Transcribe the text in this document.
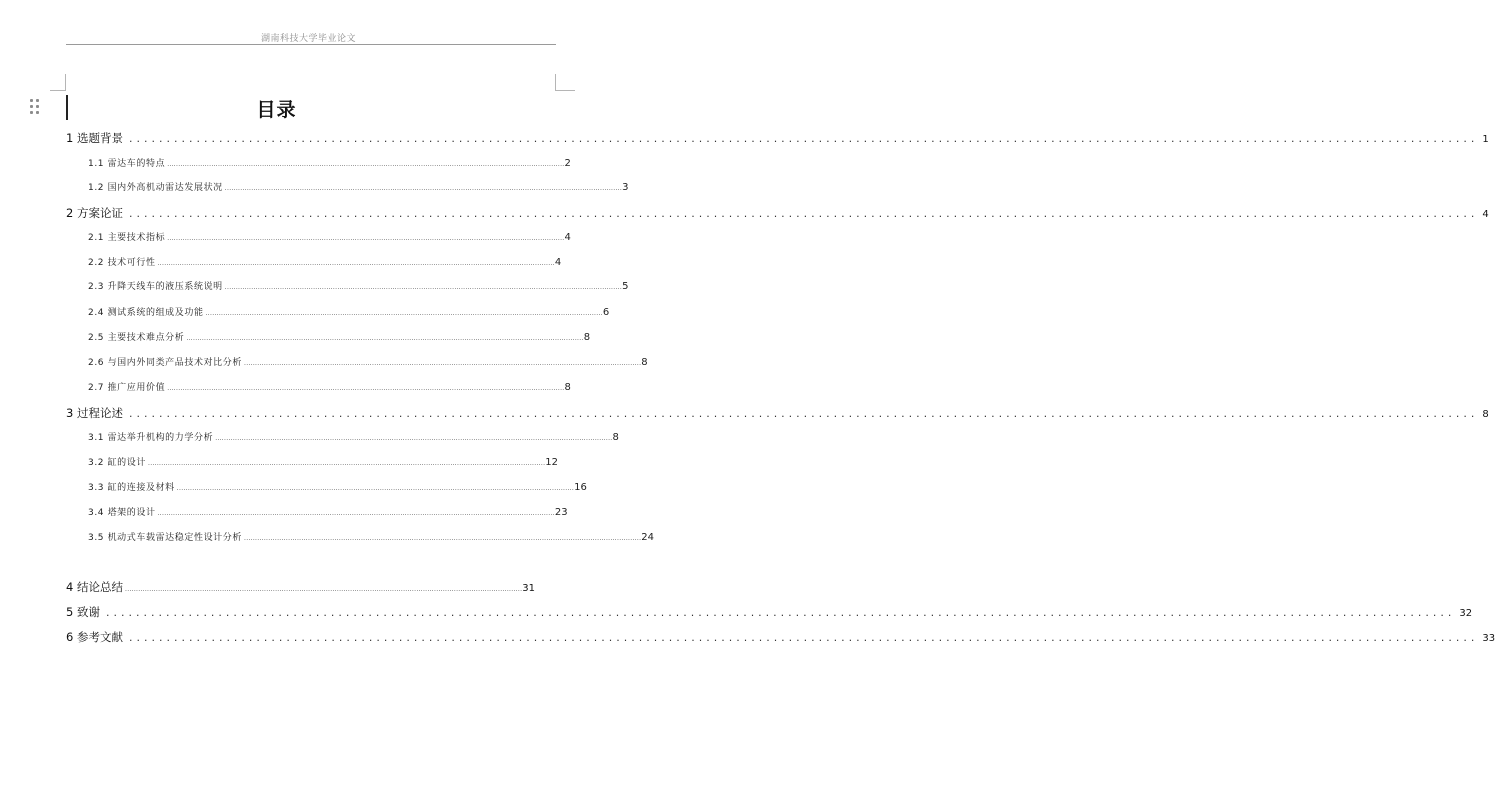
湖南科技大学毕业论文
目录
1 选题背景 .................................................................................................................................................................................... 1
1.1 雷达车的特点 .................................................................................................................................................................................... 2
1.2 国内外高机动雷达发展状况 .................................................................................................................................................................................... 3
2 方案论证 .................................................................................................................................................................................... 4
2.1 主要技术指标 .................................................................................................................................................................................... 4
2.2 技术可行性 .................................................................................................................................................................................... 4
2.3 升降天线车的液压系统说明 .................................................................................................................................................................................... 5
2.4 测试系统的组成及功能 .................................................................................................................................................................................... 6
2.5 主要技术难点分析 .................................................................................................................................................................................... 8
2.6 与国内外同类产品技术对比分析 .................................................................................................................................................................................... 8
2.7 推广应用价值 .................................................................................................................................................................................... 8
3 过程论述 .................................................................................................................................................................................... 8
3.1 雷达举升机构的力学分析 .................................................................................................................................................................................... 8
3.2 缸的设计 .................................................................................................................................................................................... 12
3.3 缸的连接及材料 .................................................................................................................................................................................... 16
3.4 塔架的设计 .................................................................................................................................................................................... 23
3.5 机动式车载雷达稳定性设计分析 .................................................................................................................................................................................... 24
4 结论总结 .................................................................................................................................................................................... 31
5 致谢 .................................................................................................................................................................................... 32
6 参考文献 .................................................................................................................................................................................... 33
